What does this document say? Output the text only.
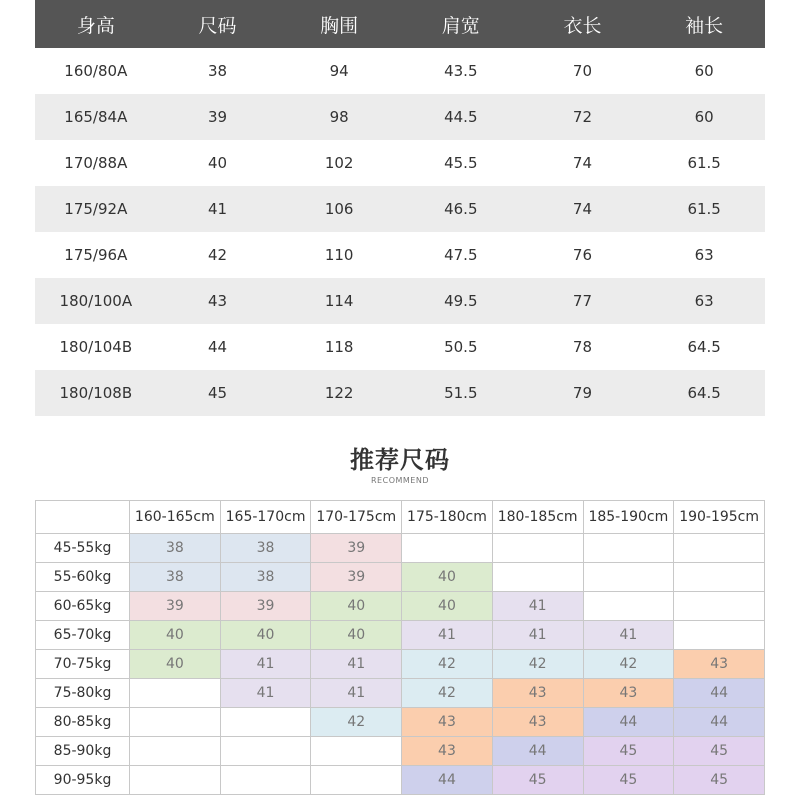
身高	尺码	胸围	肩宽	衣长	袖长
160/80A	38	94	43.5	70	60
165/84A	39	98	44.5	72	60
170/88A	40	102	45.5	74	61.5
175/92A	41	106	46.5	74	61.5
175/96A	42	110	47.5	76	63
180/100A	43	114	49.5	77	63
180/104B	44	118	50.5	78	64.5
180/108B	45	122	51.5	79	64.5
推荐尺码
RECOMMEND
	160-165cm	165-170cm	170-175cm	175-180cm	180-185cm	185-190cm	190-195cm
45-55kg	38	38	39				
55-60kg	38	38	39	40			
60-65kg	39	39	40	40	41		
65-70kg	40	40	40	41	41	41	
70-75kg	40	41	41	42	42	42	43
75-80kg		41	41	42	43	43	44
80-85kg			42	43	43	44	44
85-90kg				43	44	45	45
90-95kg				44	45	45	45
